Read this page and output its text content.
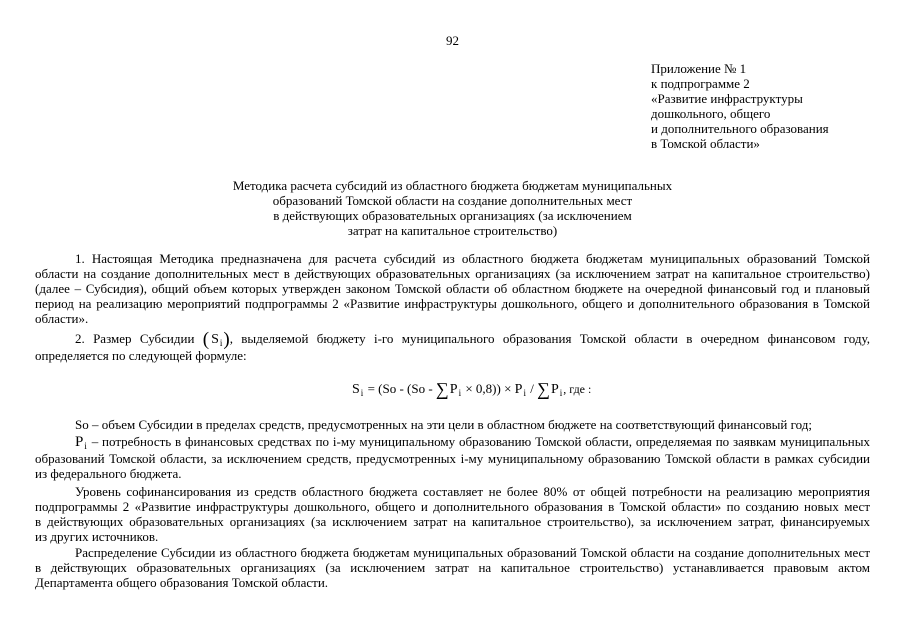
92
Приложение № 1
к подпрограмме 2
«Развитие инфраструктуры
дошкольного, общего
и дополнительного образования
в Томской области»
Методика расчета субсидий из областного бюджета бюджетам муниципальных
образований Томской области на создание дополнительных мест
в действующих образовательных организациях (за исключением
затрат на капитальное строительство)
1. Настоящая Методика предназначена для расчета субсидий из областного бюджета бюджетам муниципальных образований Томской
области на создание дополнительных мест в действующих образовательных организациях (за исключением затрат на капитальное строительство)
(далее – Субсидия), общий объем которых утвержден законом Томской области об областном бюджете на очередной финансовый год и плановый
период на реализацию мероприятий подпрограммы 2 «Развитие инфраструктуры дошкольного, общего и дополнительного образования в Томской
области».
2. Размер Субсидии ( $S_i$), выделяемой бюджету i-го муниципального образования Томской области в очередном финансовом году,
определяется по следующей формуле:
$S_i = (So - (So - \sum P_i \times 0,8)) \times P_i / \sum P_i$, где :
So – объем Субсидии в пределах средств, предусмотренных на эти цели в областном бюджете на соответствующий финансовый год;
$P_i$ – потребность в финансовых средствах по i-му муниципальному образованию Томской области, определяемая по заявкам муниципальных
образований Томской области, за исключением средств, предусмотренных i-му муниципальному образованию Томской области в рамках субсидии
из федерального бюджета.
Уровень софинансирования из средств областного бюджета составляет не более 80% от общей потребности на реализацию мероприятия
подпрограммы 2 «Развитие инфраструктуры дошкольного, общего и дополнительного образования в Томской области» по созданию новых мест
в действующих образовательных организациях (за исключением затрат на капитальное строительство), за исключением затрат, финансируемых
из других источников.
Распределение Субсидии из областного бюджета бюджетам муниципальных образований Томской области на создание дополнительных мест
в действующих образовательных организациях (за исключением затрат на капитальное строительство) устанавливается правовым актом
Департамента общего образования Томской области.
